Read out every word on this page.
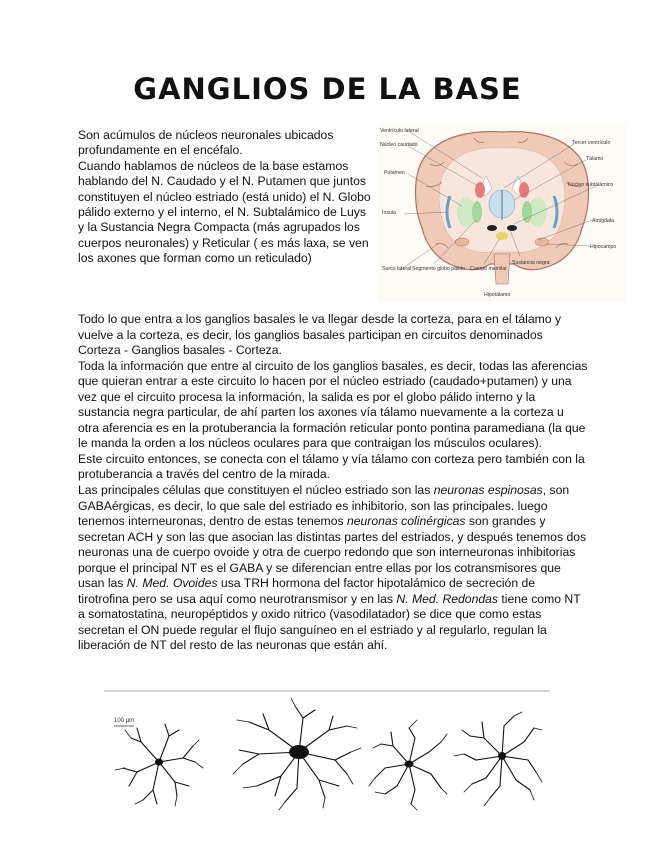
GANGLIOS DE LA BASE

Son acúmulos de núcleos neuronales ubicados profundamente en el encéfalo.

Cuando hablamos de núcleos de la base estamos hablando del N. Caudado y el N. Putamen que juntos constituyen el núcleo estriado (está unido) el N. Globo pálido externo y el interno, el N. Subtalámico de Luys y la Sustancia Negra Compacta (más agrupados los cuerpos neuronales) y Reticular ( es más laxa, se ven los axones que forman como un reticulado)

Ventrículo lateral
Núcleo caudado
Putamen
Ínsula
Surco lateral Segmento globo pálido Cuerpo mamilar
Sustancia negra
Hipotálamo
Tercer ventrículo
Tálamo
Núcleo subtalámico
Amígdala
Hipocampo

Todo lo que entra a los ganglios basales le va llegar desde la corteza, para en el tálamo y vuelve a la corteza, es decir, los ganglios basales participan en circuitos denominados Corteza - Ganglios basales - Corteza.

Toda la información que entre al circuito de los ganglios basales, es decir, todas las aferencias que quieran entrar a este circuito lo hacen por el núcleo estriado (caudado+putamen) y una vez que el circuito procesa la información, la salida es por el globo pálido interno y la sustancia negra particular, de ahí parten los axones vía tálamo nuevamente a la corteza u otra aferencia es en la protuberancia la formación reticular ponto pontina paramediana (la que le manda la orden a los núcleos oculares para que contraigan los músculos oculares).

Este circuito entonces, se conecta con el tálamo y vía tálamo con corteza pero también con la protuberancia a través del centro de la mirada.

Las principales células que constituyen el núcleo estriado son las neuronas espinosas, son GABAérgicas, es decir, lo que sale del estriado es inhibitorio, son las principales. luego tenemos interneuronas, dentro de estas tenemos neuronas colinérgicas son grandes y secretan ACH y son las que asocian las distintas partes del estriados, y después tenemos dos neuronas una de cuerpo ovoide y otra de cuerpo redondo que son interneuronas inhibitorias porque el principal NT es el GABA y se diferencian entre ellas por los cotransmisores que usan las N. Med. Ovoides usa TRH hormona del factor hipotalámico de secreción de tirotrofina pero se usa aquí como neurotransmisor y en las N. Med. Redondas tiene como NT a somatostatina, neuropéptidos y oxido nitrico (vasodilatador) se dice que como estas secretan el ON puede regular el flujo sanguíneo en el estriado y al regularlo, regulan la liberación de NT del resto de las neuronas que están ahí.

100 µm
